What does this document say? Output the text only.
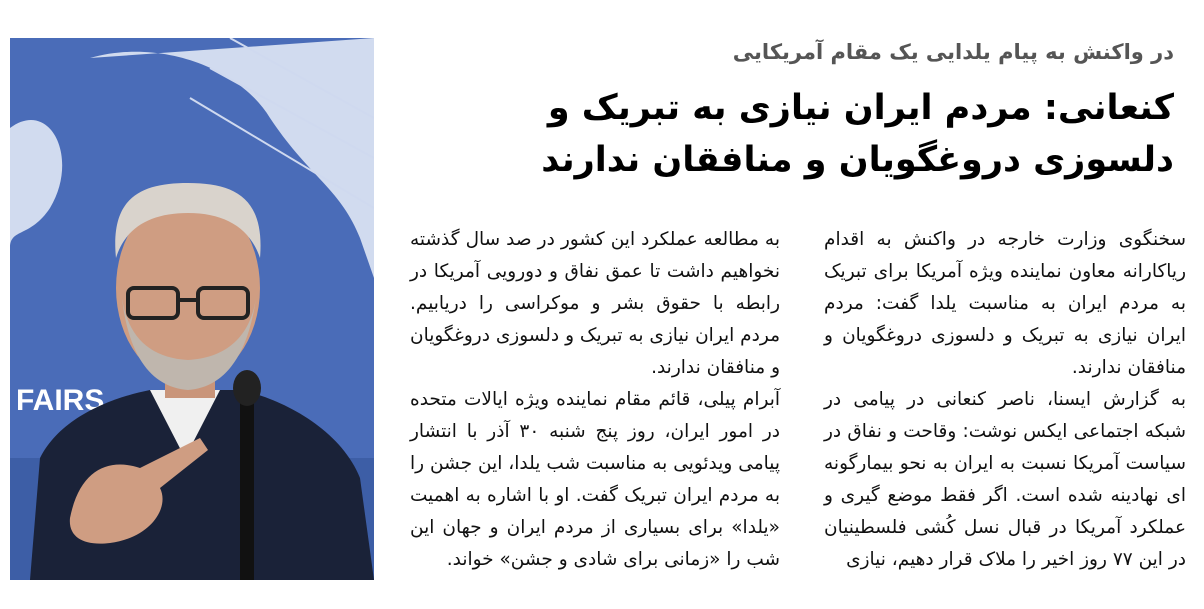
FAIRS
در واکنش به پیام یلدایی یک مقام آمریکایی
کنعانی: مردم ایران نیازی به تبریک و دلسوزی دروغگویان و منافقان ندارند
سخنگوی وزارت خارجه در واکنش به اقدام ریاکارانه معاون نماینده ویژه آمریکا برای تبریک به مردم ایران به مناسبت یلدا گفت: مردم ایران نیازی به تبریک و دلسوزی دروغگویان و منافقان ندارند.
به گزارش ایسنا، ناصر کنعانی در پیامی در شبکه اجتماعی ایکس نوشت: وقاحت و نفاق در سیاست آمریکا نسبت به ایران به نحو بیمارگونه ای نهادینه شده است. اگر فقط موضع گیری و عملکرد آمریکا در قبال نسل کُشی فلسطینیان در این ۷۷ روز اخیر را ملاک قرار دهیم، نیازی
به مطالعه عملکرد این کشور در صد سال گذشته نخواهیم داشت تا عمق نفاق و دورویی آمریکا در رابطه با حقوق بشر و موکراسی را دریابیم. مردم ایران نیازی به تبریک و دلسوزی دروغگویان و منافقان ندارند.
آبرام پیلی، قائم مقام نماینده ویژه ایالات متحده در امور ایران، روز پنج شنبه ۳۰ آذر با انتشار پیامی ویدئویی به مناسبت شب یلدا، این جشن را به مردم ایران تبریک گفت. او با اشاره به اهمیت «یلدا» برای بسیاری از مردم ایران و جهان این شب را «زمانی برای شادی و جشن» خواند.
